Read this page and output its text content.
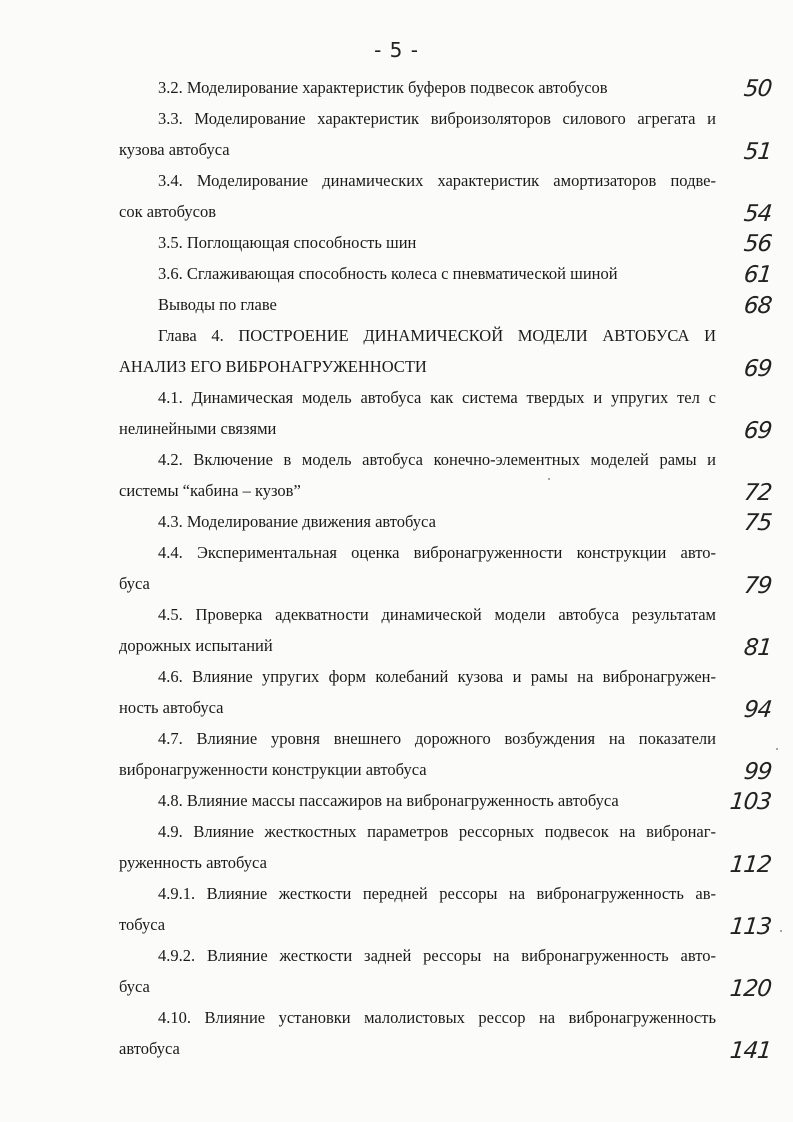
- 5 -
3.2. Моделирование характеристик буферов подвесок автобусов	50
3.3. Моделирование характеристик виброизоляторов силового агрегата и
кузова автобуса	51
3.4. Моделирование динамических характеристик амортизаторов подве-
сок автобусов	54
3.5. Поглощающая способность шин	56
3.6. Сглаживающая способность колеса с пневматической шиной	61
Выводы по главе	68
Глава 4. ПОСТРОЕНИЕ ДИНАМИЧЕСКОЙ МОДЕЛИ АВТОБУСА И
АНАЛИЗ ЕГО ВИБРОНАГРУЖЕННОСТИ	69
4.1. Динамическая модель автобуса как система твердых и упругих тел с
нелинейными связями	69
4.2. Включение в модель автобуса конечно-элементных моделей рамы и
системы “кабина – кузов”	72
4.3. Моделирование движения автобуса	75
4.4. Экспериментальная оценка вибронагруженности конструкции авто-
буса	79
4.5. Проверка адекватности динамической модели автобуса результатам
дорожных испытаний	81
4.6. Влияние упругих форм колебаний кузова и рамы на вибронагружен-
ность автобуса	94
4.7. Влияние уровня внешнего дорожного возбуждения на показатели
вибронагруженности конструкции автобуса	99
4.8. Влияние массы пассажиров на вибронагруженность автобуса	103
4.9. Влияние жесткостных параметров рессорных подвесок на вибронаг-
руженность автобуса	112
4.9.1. Влияние жесткости передней рессоры на вибронагруженность ав-
тобуса	113
4.9.2. Влияние жесткости задней рессоры на вибронагруженность авто-
буса	120
4.10. Влияние установки малолистовых рессор на вибронагруженность
автобуса	141
